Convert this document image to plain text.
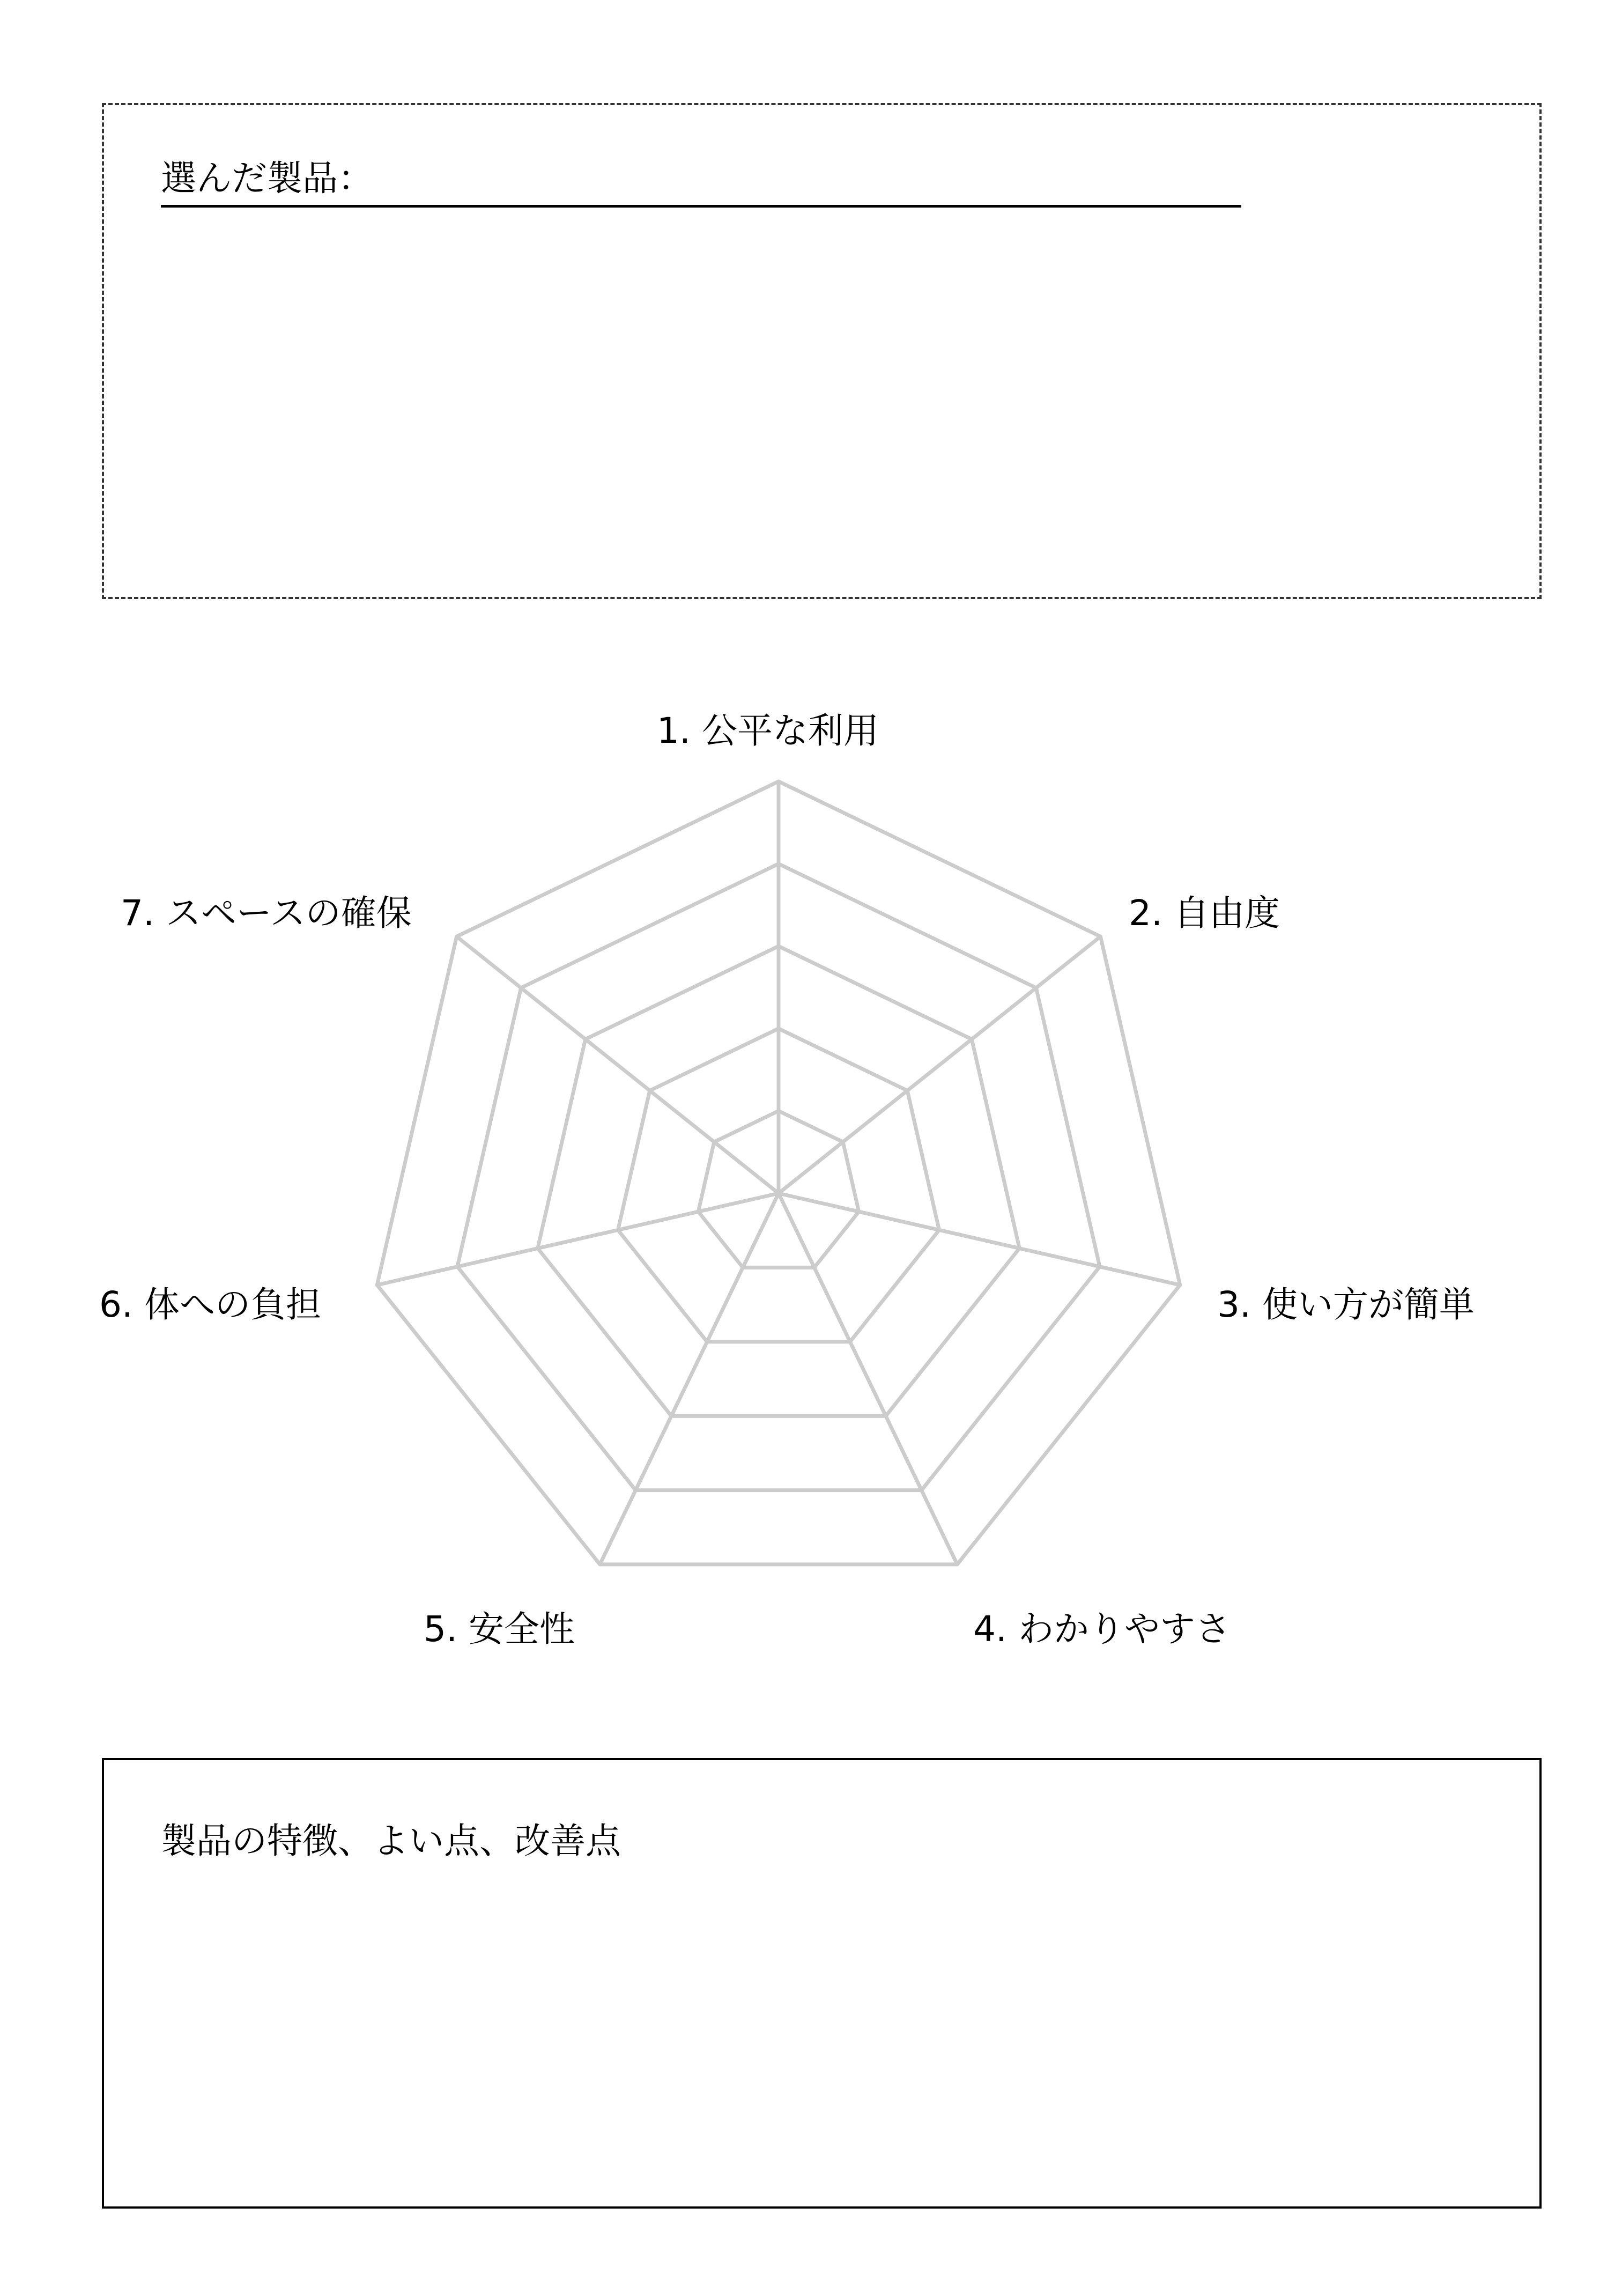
選んだ製品：
1. 公平な利用
2. 自由度
3. 使い方が簡単
4. わかりやすさ
5. 安全性
6. 体への負担
7. スペースの確保
製品の特徴、よい点、改善点
